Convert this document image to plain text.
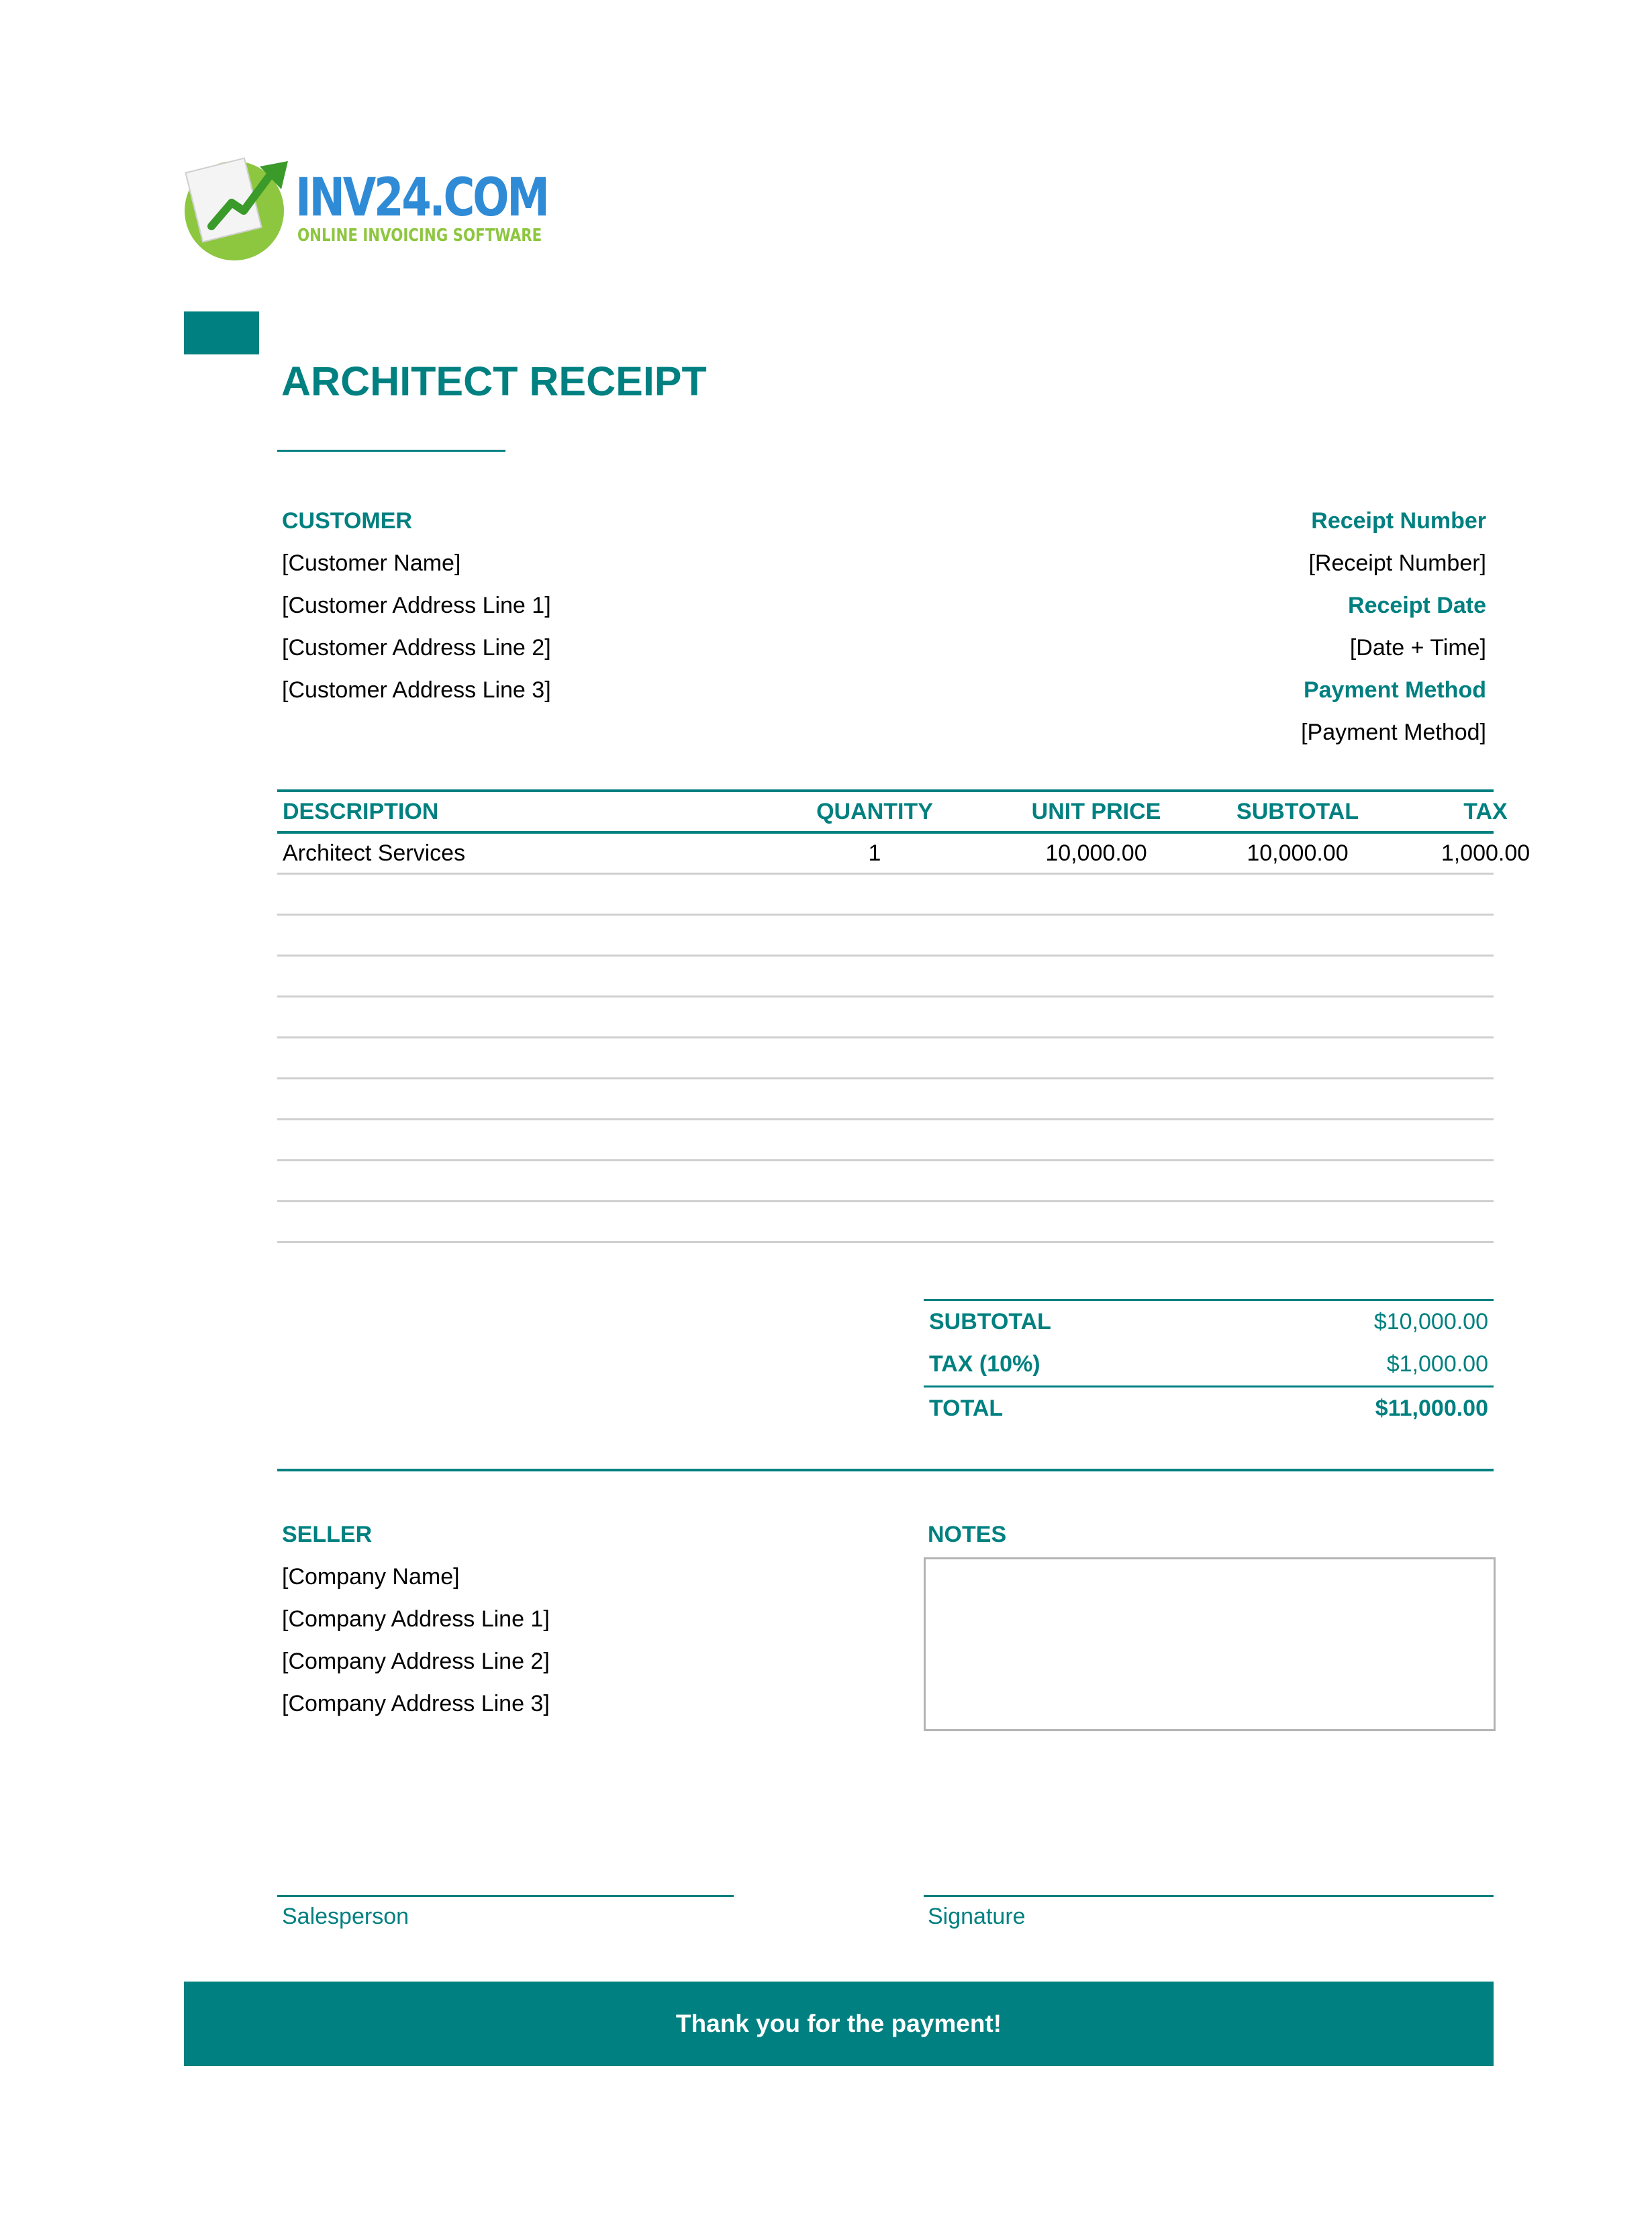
INV24.COM
ONLINE INVOICING SOFTWARE
ARCHITECT RECEIPT
CUSTOMER
[Customer Name]
[Customer Address Line 1]
[Customer Address Line 2]
[Customer Address Line 3]
Receipt Number
[Receipt Number]
Receipt Date
[Date + Time]
Payment Method
[Payment Method]
DESCRIPTION	QUANTITY	UNIT PRICE	SUBTOTAL	TAX
Architect Services	1	10,000.00	10,000.00	1,000.00
SUBTOTAL	$10,000.00
TAX (10%)	$1,000.00
TOTAL	$11,000.00
SELLER
[Company Name]
[Company Address Line 1]
[Company Address Line 2]
[Company Address Line 3]
NOTES
Salesperson	Signature
Thank you for the payment!
